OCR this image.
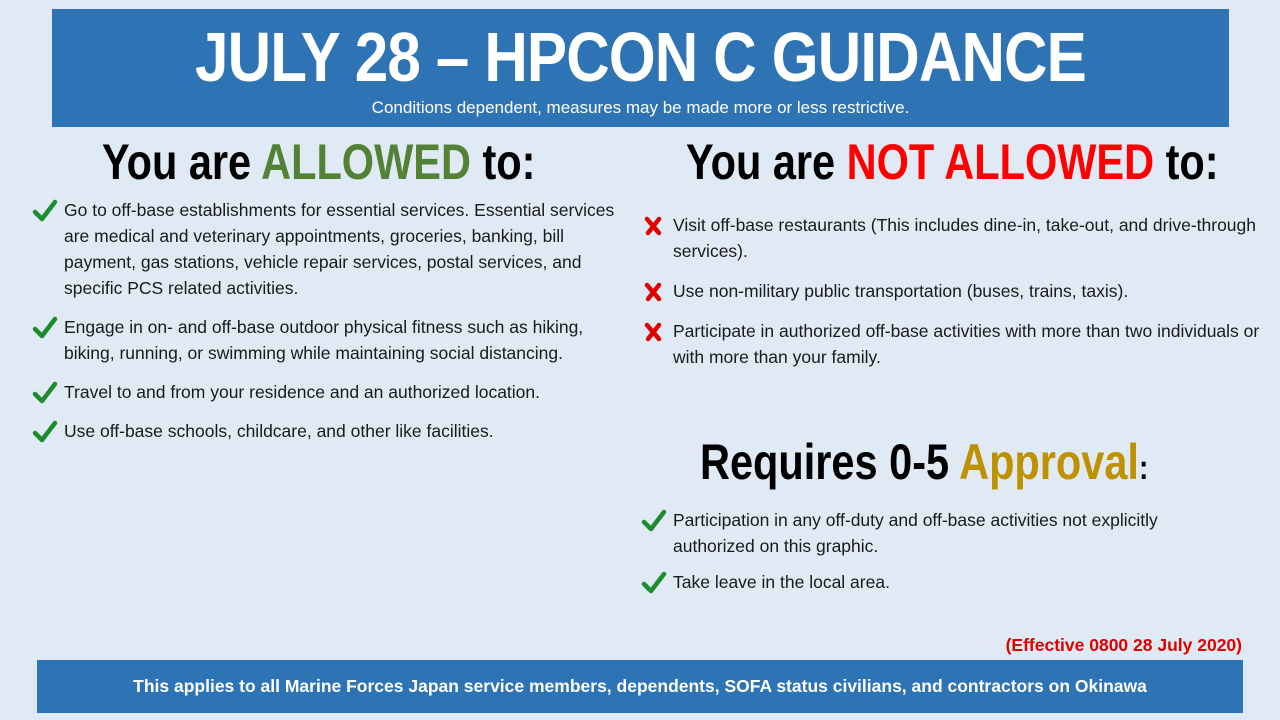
JULY 28 – HPCON C GUIDANCE
Conditions dependent, measures may be made more or less restrictive.
You are ALLOWED to:
Go to off-base establishments for essential services. Essential services are medical and veterinary appointments, groceries, banking, bill payment, gas stations, vehicle repair services, postal services, and specific PCS related activities.
Engage in on- and off-base outdoor physical fitness such as hiking, biking, running, or swimming while maintaining social distancing.
Travel to and from your residence and an authorized location.
Use off-base schools, childcare, and other like facilities.
You are NOT ALLOWED to:
Visit off-base restaurants (This includes dine-in, take-out, and drive-through services).
Use non-military public transportation (buses, trains, taxis).
Participate in authorized off-base activities with more than two individuals or with more than your family.
Requires 0-5 Approval:
Participation in any off-duty and off-base activities not explicitly authorized on this graphic.
Take leave in the local area.
(Effective 0800 28 July 2020)
This applies to all Marine Forces Japan service members, dependents, SOFA status civilians, and contractors on Okinawa
